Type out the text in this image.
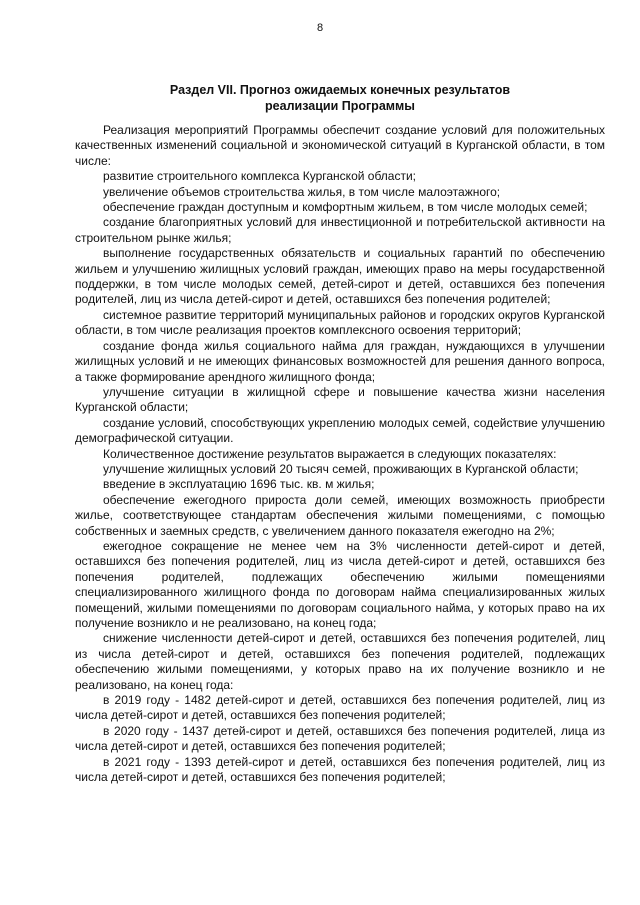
8
Раздел VII. Прогноз ожидаемых конечных результатов
реализации Программы

Реализация мероприятий Программы обеспечит создание условий для положительных качественных изменений социальной и экономической ситуаций в Курганской области, в том числе:

развитие строительного комплекса Курганской области;

увеличение объемов строительства жилья, в том числе малоэтажного;

обеспечение граждан доступным и комфортным жильем, в том числе молодых семей;

создание благоприятных условий для инвестиционной и потребительской активности на строительном рынке жилья;

выполнение государственных обязательств и социальных гарантий по обеспечению жильем и улучшению жилищных условий граждан, имеющих право на меры государственной поддержки, в том числе молодых семей, детей-сирот и детей, оставшихся без попечения родителей, лиц из числа детей-сирот и детей, оставшихся без попечения родителей;

системное развитие территорий муниципальных районов и городских округов Курганской области, в том числе реализация проектов комплексного освоения территорий;

создание фонда жилья социального найма для граждан, нуждающихся в улучшении жилищных условий и не имеющих финансовых возможностей для решения данного вопроса, а также формирование арендного жилищного фонда;

улучшение ситуации в жилищной сфере и повышение качества жизни населения Курганской области;

создание условий, способствующих укреплению молодых семей, содействие улучшению демографической ситуации.

Количественное достижение результатов выражается в следующих показателях:

улучшение жилищных условий 20 тысяч семей, проживающих в Курганской области;

введение в эксплуатацию 1696 тыс. кв. м жилья;

обеспечение ежегодного прироста доли семей, имеющих возможность приобрести жилье, соответствующее стандартам обеспечения жилыми помещениями, с помощью собственных и заемных средств, с увеличением данного показателя ежегодно на 2%;

ежегодное сокращение не менее чем на 3% численности детей-сирот и детей, оставшихся без попечения родителей, лиц из числа детей-сирот и детей, оставшихся без попечения родителей, подлежащих обеспечению жилыми помещениями специализированного жилищного фонда по договорам найма специализированных жилых помещений, жилыми помещениями по договорам социального найма, у которых право на их получение возникло и не реализовано, на конец года;

снижение численности детей-сирот и детей, оставшихся без попечения родителей, лиц из числа детей-сирот и детей, оставшихся без попечения родителей, подлежащих обеспечению жилыми помещениями, у которых право на их получение возникло и не реализовано, на конец года:

в 2019 году - 1482 детей-сирот и детей, оставшихся без попечения родителей, лиц из числа детей-сирот и детей, оставшихся без попечения родителей;

в 2020 году - 1437 детей-сирот и детей, оставшихся без попечения родителей, лица из числа детей-сирот и детей, оставшихся без попечения родителей;

в 2021 году - 1393 детей-сирот и детей, оставшихся без попечения родителей, лиц из числа детей-сирот и детей, оставшихся без попечения родителей;
